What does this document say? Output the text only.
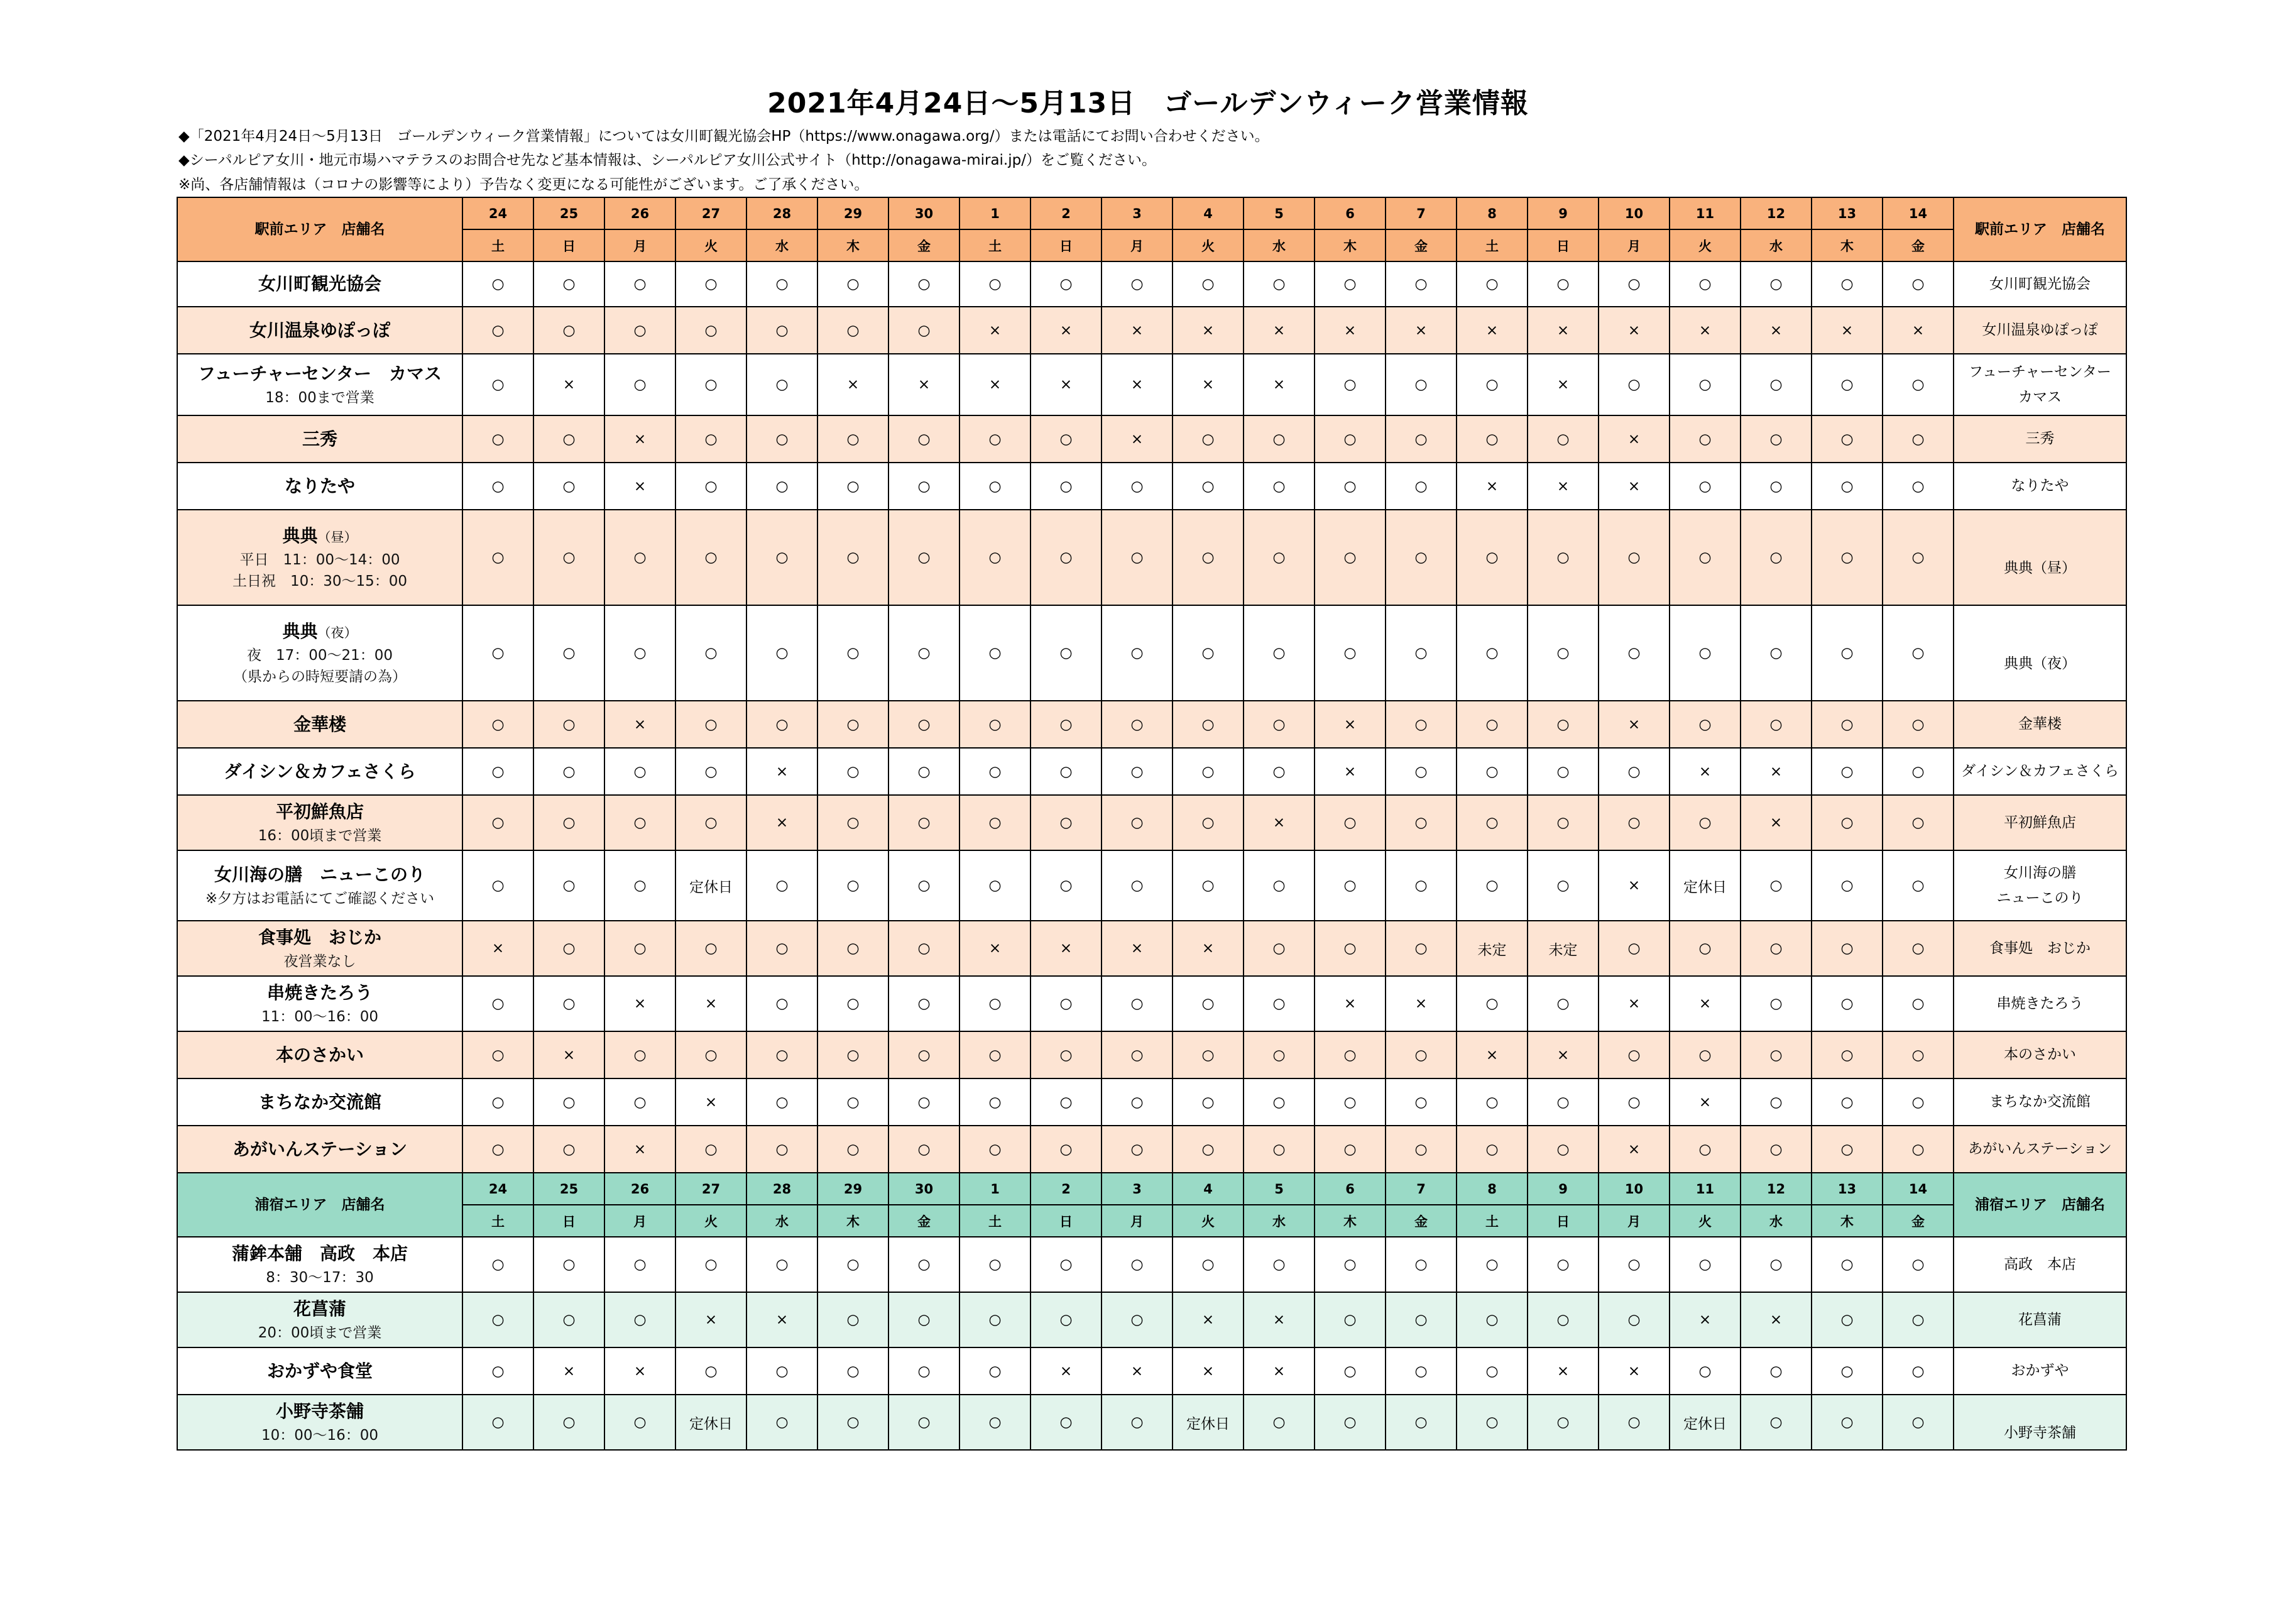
2021年4月24日～5月13日　ゴールデンウィーク営業情報
◆「2021年4月24日～5月13日　ゴールデンウィーク営業情報」については女川町観光協会HP（https://www.onagawa.org/）または電話にてお問い合わせください。
◆シーパルピア女川・地元市場ハマテラスのお問合せ先など基本情報は、シーパルピア女川公式サイト（http://onagawa-mirai.jp/）をご覧ください。
※尚、各店舗情報は（コロナの影響等により）予告なく変更になる可能性がございます。ご了承ください。
駅前エリア　店舗名	24	25	26	27	28	29	30	1	2	3	4	5	6	7	8	9	10	11	12	13	14	駅前エリア　店舗名
	土	日	月	火	水	木	金	土	日	月	火	水	木	金	土	日	月	火	水	木	金	

女川町観光協会	○	○	○	○	○	○	○	○	○	○	○	○	○	○	○	○	○	○	○	○	○	女川町観光協会

女川温泉ゆぽっぽ	○	○	○	○	○	○	○	×	×	×	×	×	×	×	×	×	×	×	×	×	×	女川温泉ゆぽっぽ

フューチャーセンター　カマス
18：00まで営業	○	×	○	○	○	×	×	×	×	×	×	×	○	○	○	×	○	○	○	○	○	フューチャーセンター
カマス

三秀	○	○	×	○	○	○	○	○	○	×	○	○	○	○	○	○	×	○	○	○	○	三秀

なりたや	○	○	×	○	○	○	○	○	○	○	○	○	○	○	×	×	×	○	○	○	○	なりたや

典典（昼）
平日　11：00～14：00
土日祝　10：30～15：00	○	○	○	○	○	○	○	○	○	○	○	○	○	○	○	○	○	○	○	○	○	典典（昼）

典典（夜）
夜　17：00～21：00
（県からの時短要請の為）	○	○	○	○	○	○	○	○	○	○	○	○	○	○	○	○	○	○	○	○	○	典典（夜）

金華楼	○	○	×	○	○	○	○	○	○	○	○	○	×	○	○	○	×	○	○	○	○	金華楼

ダイシン＆カフェさくら	○	○	○	○	×	○	○	○	○	○	○	○	×	○	○	○	○	×	×	○	○	ダイシン＆カフェさくら

平初鮮魚店
16：00頃まで営業	○	○	○	○	×	○	○	○	○	○	○	×	○	○	○	○	○	○	×	○	○	平初鮮魚店

女川海の膳　ニューこのり
※夕方はお電話にてご確認ください	○	○	○	定休日	○	○	○	○	○	○	○	○	○	○	○	○	×	定休日	○	○	○	女川海の膳
ニューこのり

食事処　おじか
夜営業なし	×	○	○	○	○	○	○	×	×	×	×	○	○	○	未定	未定	○	○	○	○	○	食事処　おじか

串焼きたろう
11：00～16：00	○	○	×	×	○	○	○	○	○	○	○	○	×	×	○	○	×	×	○	○	○	串焼きたろう

本のさかい	○	×	○	○	○	○	○	○	○	○	○	○	○	○	×	×	○	○	○	○	○	本のさかい

まちなか交流館	○	○	○	×	○	○	○	○	○	○	○	○	○	○	○	○	○	×	○	○	○	まちなか交流館

あがいんステーション	○	○	×	○	○	○	○	○	○	○	○	○	○	○	○	○	×	○	○	○	○	あがいんステーション

浦宿エリア　店舗名	24	25	26	27	28	29	30	1	2	3	4	5	6	7	8	9	10	11	12	13	14	浦宿エリア　店舗名
	土	日	月	火	水	木	金	土	日	月	火	水	木	金	土	日	月	火	水	木	金	

蒲鉾本舗　高政　本店
8：30～17：30	○	○	○	○	○	○	○	○	○	○	○	○	○	○	○	○	○	○	○	○	○	高政　本店

花菖蒲
20：00頃まで営業	○	○	○	×	×	○	○	○	○	○	×	×	○	○	○	○	○	×	×	○	○	花菖蒲

おかずや食堂	○	×	×	○	○	○	○	○	×	×	×	×	○	○	○	×	×	○	○	○	○	おかずや

小野寺茶舗
10：00～16：00	○	○	○	定休日	○	○	○	○	○	○	定休日	○	○	○	○	○	○	定休日	○	○	○	小野寺茶舗
